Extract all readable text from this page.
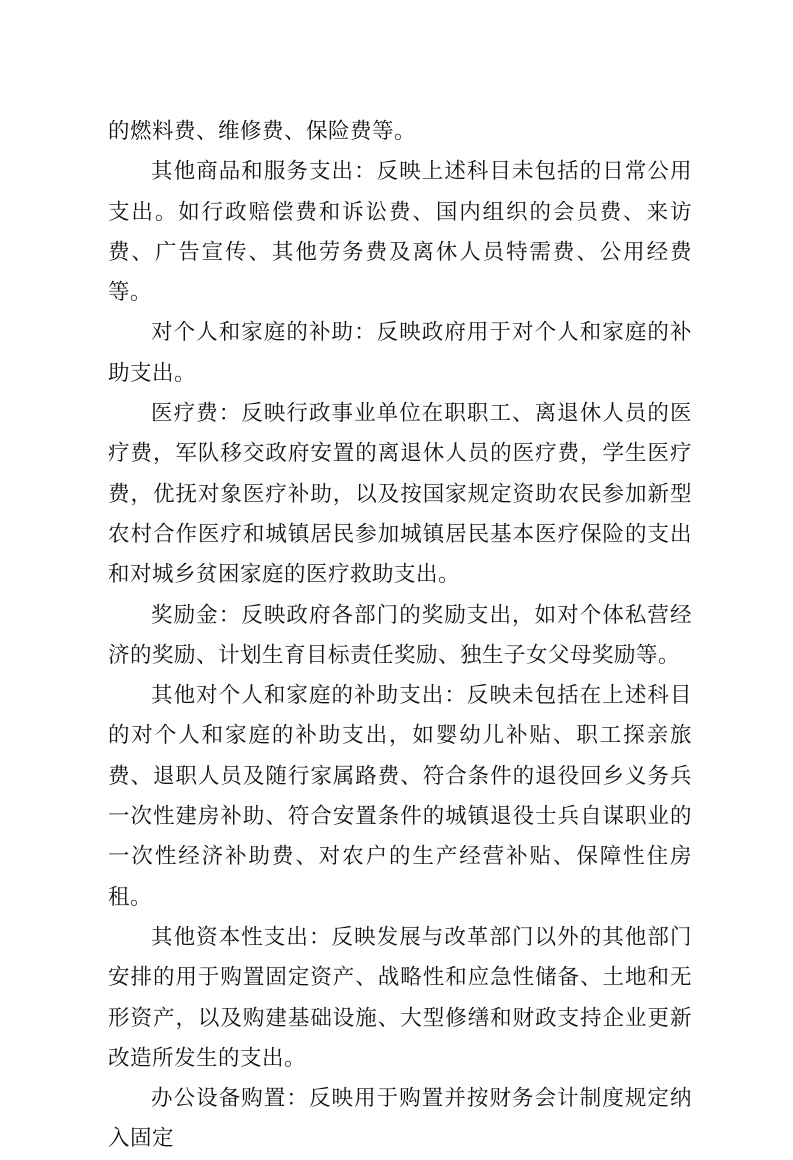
的燃料费、维修费、保险费等。

其他商品和服务支出：反映上述科目未包括的日常公用支出。如行政赔偿费和诉讼费、国内组织的会员费、来访费、广告宣传、其他劳务费及离休人员特需费、公用经费等。

对个人和家庭的补助：反映政府用于对个人和家庭的补助支出。

医疗费：反映行政事业单位在职职工、离退休人员的医疗费，军队移交政府安置的离退休人员的医疗费，学生医疗费，优抚对象医疗补助，以及按国家规定资助农民参加新型农村合作医疗和城镇居民参加城镇居民基本医疗保险的支出和对城乡贫困家庭的医疗救助支出。

奖励金：反映政府各部门的奖励支出，如对个体私营经济的奖励、计划生育目标责任奖励、独生子女父母奖励等。

其他对个人和家庭的补助支出：反映未包括在上述科目的对个人和家庭的补助支出，如婴幼儿补贴、职工探亲旅费、退职人员及随行家属路费、符合条件的退役回乡义务兵一次性建房补助、符合安置条件的城镇退役士兵自谋职业的一次性经济补助费、对农户的生产经营补贴、保障性住房租。

其他资本性支出：反映发展与改革部门以外的其他部门安排的用于购置固定资产、战略性和应急性储备、土地和无形资产，以及购建基础设施、大型修缮和财政支持企业更新改造所发生的支出。

办公设备购置：反映用于购置并按财务会计制度规定纳入固定
